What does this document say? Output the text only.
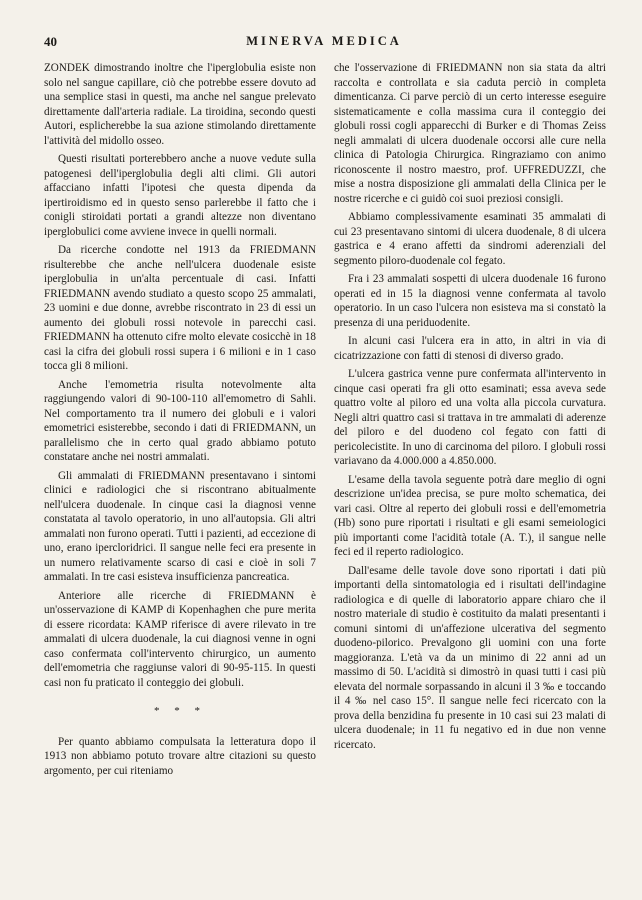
40	MINERVA MEDICA

ZONDEK dimostrando inoltre che l'iperglobulia esiste non solo nel sangue capillare, ciò che potrebbe essere dovuto ad una semplice stasi in questi, ma anche nel sangue prelevato direttamente dall'arteria radiale. La tiroidina, secondo questi Autori, esplicherebbe la sua azione stimolando direttamente l'attività del midollo osseo.

Questi risultati porterebbero anche a nuove vedute sulla patogenesi dell'iperglobulia degli alti climi. Gli autori affacciano infatti l'ipotesi che questa dipenda da ipertiroidismo ed in questo senso parlerebbe il fatto che i conigli stiroidati portati a grandi altezze non diventano iperglobulici come avviene invece in quelli normali.

Da ricerche condotte nel 1913 da FRIEDMANN risulterebbe che anche nell'ulcera duodenale esiste iperglobulia in un'alta percentuale di casi. Infatti FRIEDMANN avendo studiato a questo scopo 25 ammalati, 23 uomini e due donne, avrebbe riscontrato in 23 di essi un aumento dei globuli rossi notevole in parecchi casi. FRIEDMANN ha ottenuto cifre molto elevate cosicchè in 18 casi la cifra dei globuli rossi supera i 6 milioni e in 1 caso tocca gli 8 milioni.

Anche l'emometria risulta notevolmente alta raggiungendo valori di 90-100-110 all'emometro di Sahli. Nel comportamento tra il numero dei globuli e i valori emometrici esisterebbe, secondo i dati di FRIEDMANN, un parallelismo che in certo qual grado abbiamo potuto constatare anche nei nostri ammalati.

Gli ammalati di FRIEDMANN presentavano i sintomi clinici e radiologici che si riscontrano abitualmente nell'ulcera duodenale. In cinque casi la diagnosi venne constatata al tavolo operatorio, in uno all'autopsia. Gli altri ammalati non furono operati. Tutti i pazienti, ad eccezione di uno, erano ipercloridrici. Il sangue nelle feci era presente in un numero relativamente scarso di casi e cioè in soli 7 ammalati. In tre casi esisteva insufficienza pancreatica.

Anteriore alle ricerche di FRIEDMANN è un'osservazione di KAMP di Kopenhaghen che pure merita di essere ricordata: KAMP riferisce di avere rilevato in tre ammalati di ulcera duodenale, la cui diagnosi venne in ogni caso confermata coll'intervento chirurgico, un aumento dell'emometria che raggiunse valori di 90-95-115. In questi casi non fu praticato il conteggio dei globuli.

* * *

Per quanto abbiamo compulsata la letteratura dopo il 1913 non abbiamo potuto trovare altre citazioni su questo argomento, per cui riteniamo

che l'osservazione di FRIEDMANN non sia stata da altri raccolta e controllata e sia caduta perciò in completa dimenticanza. Ci parve perciò di un certo interesse eseguire sistematicamente e colla massima cura il conteggio dei globuli rossi cogli apparecchi di Burker e di Thomas Zeiss negli ammalati di ulcera duodenale occorsi alle cure nella clinica di Patologia Chirurgica. Ringraziamo con animo riconoscente il nostro maestro, prof. UFFREDUZZI, che mise a nostra disposizione gli ammalati della Clinica per le nostre ricerche e ci guidò coi suoi preziosi consigli.

Abbiamo complessivamente esaminati 35 ammalati di cui 23 presentavano sintomi di ulcera duodenale, 8 di ulcera gastrica e 4 erano affetti da sindromi aderenziali del segmento piloro-duodenale col fegato.

Fra i 23 ammalati sospetti di ulcera duodenale 16 furono operati ed in 15 la diagnosi venne confermata al tavolo operatorio. In un caso l'ulcera non esisteva ma si constatò la presenza di una periduodenite.

In alcuni casi l'ulcera era in atto, in altri in via di cicatrizzazione con fatti di stenosi di diverso grado.

L'ulcera gastrica venne pure confermata all'intervento in cinque casi operati fra gli otto esaminati; essa aveva sede quattro volte al piloro ed una volta alla piccola curvatura. Negli altri quattro casi si trattava in tre ammalati di aderenze del piloro e del duodeno col fegato con fatti di pericolecistite. In uno di carcinoma del piloro. I globuli rossi variavano da 4.000.000 a 4.850.000.

L'esame della tavola seguente potrà dare meglio di ogni descrizione un'idea precisa, se pure molto schematica, dei vari casi. Oltre al reperto dei globuli rossi e dell'emometria (Hb) sono pure riportati i risultati e gli esami semeiologici più importanti come l'acidità totale (A. T.), il sangue nelle feci ed il reperto radiologico.

Dall'esame delle tavole dove sono riportati i dati più importanti della sintomatologia ed i risultati dell'indagine radiologica e di quelle di laboratorio appare chiaro che il nostro materiale di studio è costituito da malati presentanti i comuni sintomi di un'affezione ulcerativa del segmento duodeno-pilorico. Prevalgono gli uomini con una forte maggioranza. L'età va da un minimo di 22 anni ad un massimo di 50. L'acidità si dimostrò in quasi tutti i casi più elevata del normale sorpassando in alcuni il 3 ‰ e toccando il 4 ‰ nel caso 15°. Il sangue nelle feci ricercato con la prova della benzidina fu presente in 10 casi sui 23 malati di ulcera duodenale; in 11 fu negativo ed in due non venne ricercato.
